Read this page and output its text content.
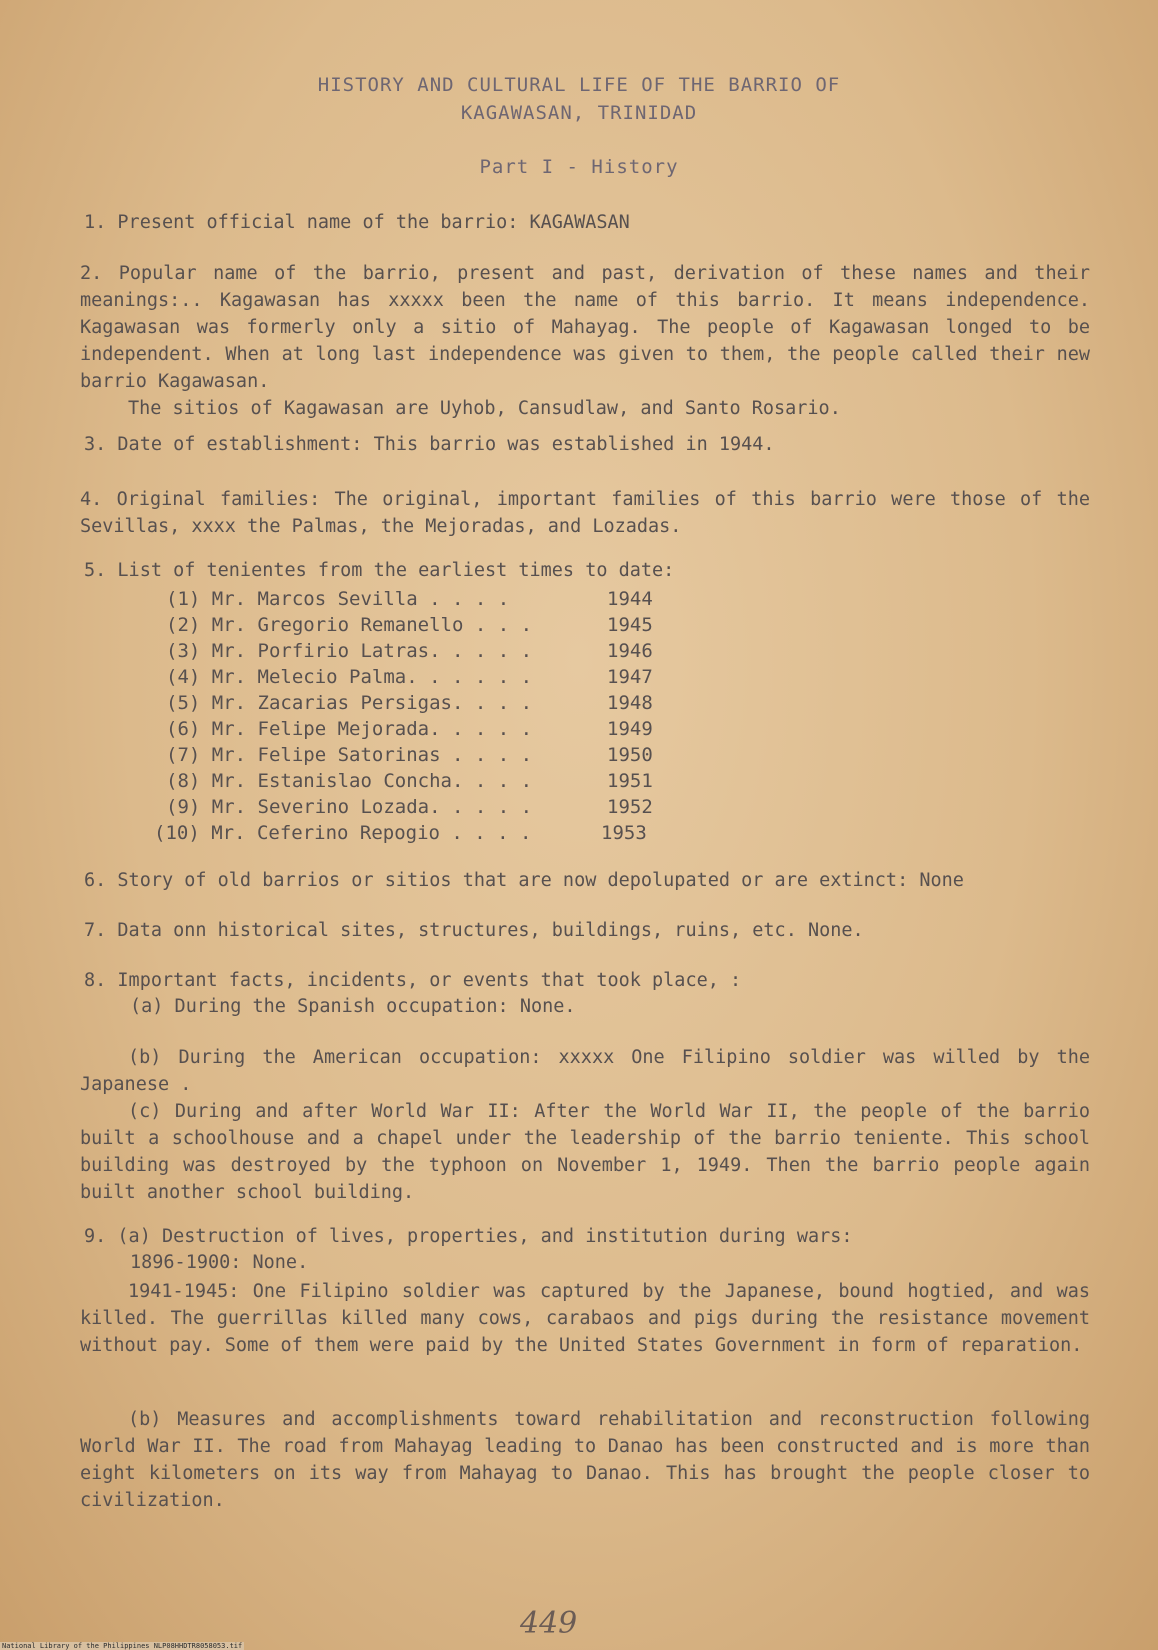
HISTORY AND CULTURAL LIFE OF THE BARRIO OF
KAGAWASAN, TRINIDAD
Part I - History
1. Present official name of the barrio: KAGAWASAN

2. Popular name of the barrio, present and past, derivation of these names and their meanings:.. Kagawasan has xxxxx been the name of this barrio. It means independence. Kagawasan was formerly only a sitio of Mahayag. The people of Kagawasan longed to be independent. When at long last independence was given to them, the people called their new barrio Kagawasan.

The sitios of Kagawasan are Uyhob, Cansudlaw, and Santo Rosario.

3. Date of establishment: This barrio was established in 1944.

4. Original families: The original, important families of this barrio were those of the Sevillas, xxxx the Palmas, the Mejoradas, and Lozadas.

5. List of tenientes from the earliest times to date:
(1) Mr. Marcos Sevilla . . . .	1944
(2) Mr. Gregorio Remanello . . .	1945
(3) Mr. Porfirio Latras. . . . .	1946
(4) Mr. Melecio Palma. . . . . .	1947
(5) Mr. Zacarias Persigas. . . .	1948
(6) Mr. Felipe Mejorada. . . . .	1949
(7) Mr. Felipe Satorinas . . . .	1950
(8) Mr. Estanislao Concha. . . .	1951
(9) Mr. Severino Lozada. . . . .	1952
(10) Mr. Ceferino Repogio . . . .	1953
6. Story of old barrios or sitios that are now depolupated or are extinct: None
7. Data onn historical sites, structures, buildings, ruins, etc. None.
8. Important facts, incidents, or events that took place, :
(a) During the Spanish occupation: None.

(b) During the American occupation: xxxxx One Filipino soldier was willed by the Japanese .

(c) During and after World War II: After the World War II, the people of the barrio built a schoolhouse and a chapel under the leadership of the barrio teniente. This school building was destroyed by the typhoon on November 1, 1949. Then the barrio people again built another school building.

9. (a) Destruction of lives, properties, and institution during wars:
1896-1900: None.

1941-1945: One Filipino soldier was captured by the Japanese, bound hogtied, and was killed. The guerrillas killed many cows, carabaos and pigs during the resistance movement without pay. Some of them were paid by the United States Government in form of reparation.

(b) Measures and accomplishments toward rehabilitation and reconstruction following World War II. The road from Mahayag leading to Danao has been constructed and is more than eight kilometers on its way from Mahayag to Danao. This has brought the people closer to civilization.

449
National Library of the Philippines NLP08HHDTR8058053.tif
